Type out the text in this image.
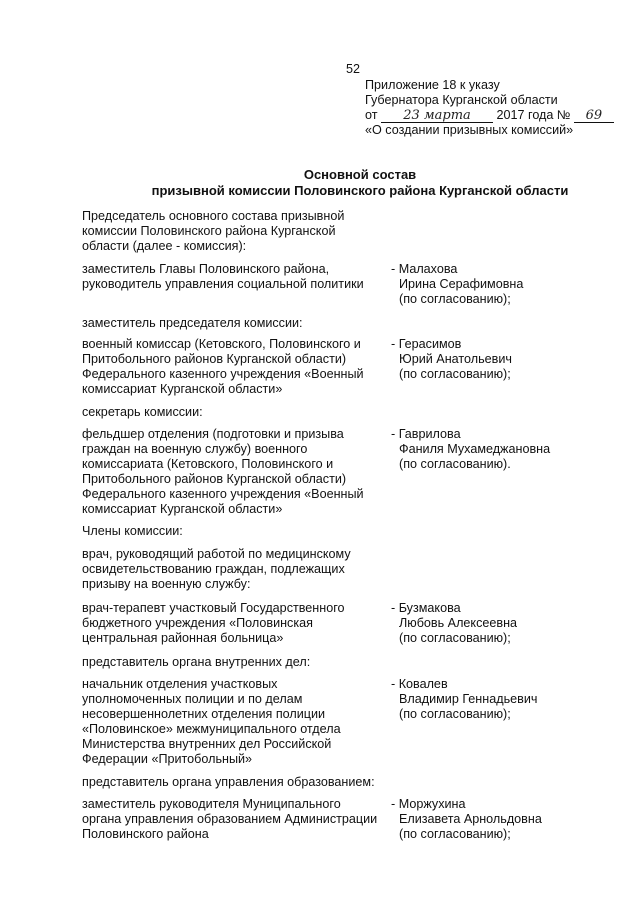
52
Приложение 18 к указу
Губернатора Курганской области
от 23 марта 2017 года № 69
«О создании призывных комиссий»
Основной состав
призывной комиссии Половинского района Курганской области
Председатель основного состава призывной
комиссии Половинского района Курганской
области (далее - комиссия):
заместитель Главы Половинского района,
руководитель управления социальной политики
- Малахова
Ирина Серафимовна
(по согласованию);
заместитель председателя комиссии:
военный комиссар (Кетовского, Половинского и
Притобольного районов Курганской области)
Федерального казенного учреждения «Военный
комиссариат Курганской области»
- Герасимов
Юрий Анатольевич
(по согласованию);
секретарь комиссии:
фельдшер отделения (подготовки и призыва
граждан на военную службу) военного
комиссариата (Кетовского, Половинского и
Притобольного районов Курганской области)
Федерального казенного учреждения «Военный
комиссариат Курганской области»
- Гаврилова
Фаниля Мухамеджановна
(по согласованию).
Члены комиссии:
врач, руководящий работой по медицинскому
освидетельствованию граждан, подлежащих
призыву на военную службу:
врач-терапевт участковый Государственного
бюджетного учреждения «Половинская
центральная районная больница»
- Бузмакова
Любовь Алексеевна
(по согласованию);
представитель органа внутренних дел:
начальник отделения участковых
уполномоченных полиции и по делам
несовершеннолетних отделения полиции
«Половинское» межмуниципального отдела
Министерства внутренних дел Российской
Федерации «Притобольный»
- Ковалев
Владимир Геннадьевич
(по согласованию);
представитель органа управления образованием:
заместитель руководителя Муниципального
органа управления образованием Администрации
Половинского района
- Моржухина
Елизавета Арнольдовна
(по согласованию);
